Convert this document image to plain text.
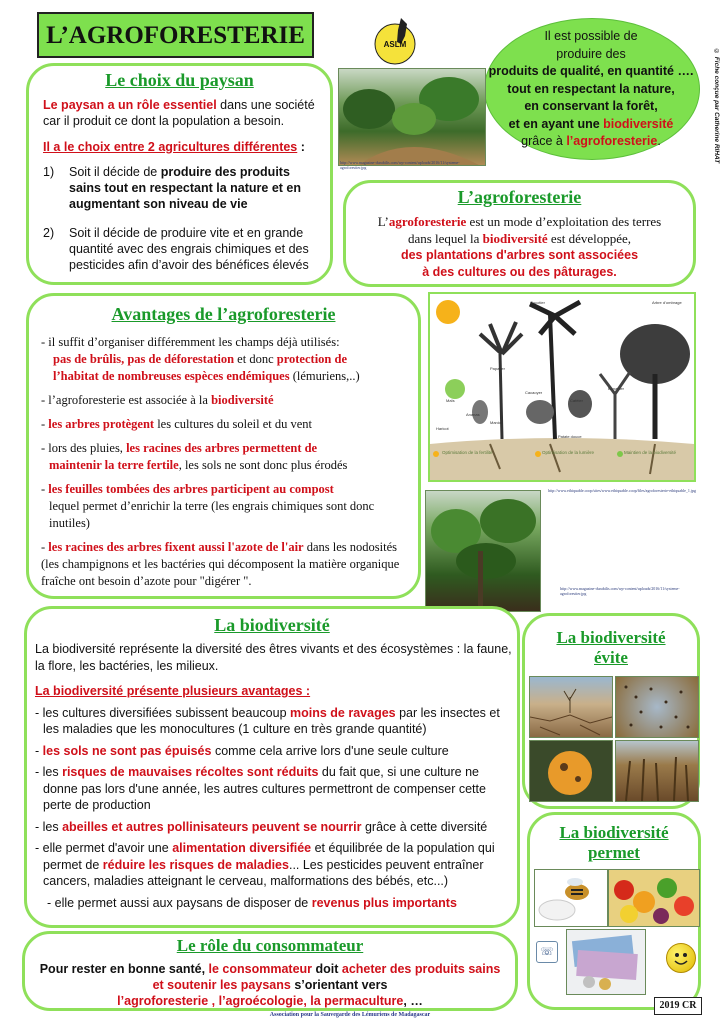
L’AGROFORESTERIE	ASLM
Il est possible de
produire des
produits de qualité, en quantité ….
tout en respectant la nature,
en conservant la forêt,
et en ayant une biodiversité
grâce à l’agroforesterie.	© Fiche conçue par Catherine RIHAT
Le choix du paysan

Le paysan a un rôle essentiel dans une société car il produit ce dont la population a besoin.

Il a le choix entre 2 agricultures différentes :

1) Soit il décide de produire des produits sains tout en respectant la nature et en augmentant son niveau de vie
2) Soit il décide de produire vite et en grande quantité avec des engrais chimiques et des pesticides afin d’avoir des bénéfices élevés
http://www.magazine-durabilis.com/wp-content/uploads/2016/11/systeme-agroforestier.jpg
L’agroforesterie
L’agroforesterie est un mode d’exploitation des terres
dans lequel la biodiversité est développée,
des plantations d'arbres sont associées
à des cultures ou des pâturages.
Avantages de l’agroforesterie

- il suffit d’organiser différemment les champs déjà utilisés:

pas de brûlis, pas de déforestation et donc protection de

l’habitat de nombreuses espèces endémiques (lémuriens,..)

- l’agroforesterie est associée à la biodiversité

- les arbres protègent les cultures du soleil et du vent

- lors des pluies, les racines des arbres permettent de

maintenir la terre fertile, les sols ne sont donc plus érodés

- les feuilles tombées des arbres participent au compost

lequel permet d’enrichir la terre (les engrais chimiques sont donc inutiles)

- les racines des arbres fixent aussi l'azote de l'air dans les nodosités (les champignons et les bactéries qui décomposent la matière organique fraîche ont besoin d’azote pour "digérer ".

Optimisation de la fertilité	Optimisation de la lumière	Maintien de la biodiversité
Cocotier	Arbre d'ombrage
Papayer
Cacaoyer
Bananier
Caféier
Maïs
Ananas
Manioc
Haricot
Patate douce
http://www.ethiquable.coop/sites/www.ethiquable.coop/files/agroforesterie-ethiquable_1.jpg
http://www.magazine-durabilis.com/wp-content/uploads/2016/11/systeme-agroforestier.jpg
La biodiversité

La biodiversité représente la diversité des êtres vivants et des écosystèmes : la faune, la flore, les bactéries, les milieux.

La biodiversité présente plusieurs avantages :

- les cultures diversifiées subissent beaucoup moins de ravages par les insectes et les maladies que les monocultures (1 culture en très grande quantité)

- les sols ne sont pas épuisés comme cela arrive lors d'une seule culture

- les risques de mauvaises récoltes sont réduits du fait que, si une culture ne donne pas lors d'une année, les autres cultures permettront de compenser cette perte de production

- les abeilles et autres pollinisateurs peuvent se nourrir grâce à cette diversité

- elle permet d'avoir une alimentation diversifiée et équilibrée de la population qui permet de réduire les risques de maladies... Les pesticides peuvent entraîner cancers, maladies atteignant le cerveau, malformations des bébés, etc...)

- elle permet aussi aux paysans de disposer de revenus plus importants

La biodiversité
évite
La biodiversité
permet
☏
Le rôle du consommateur
Pour rester en bonne santé, le consommateur doit acheter des produits sains
et soutenir les paysans s’orientant vers
l’agroforesterie , l’agroécologie, la permaculture, …
Association pour la Sauvegarde des Lémuriens de Madagascar
2019 CR
